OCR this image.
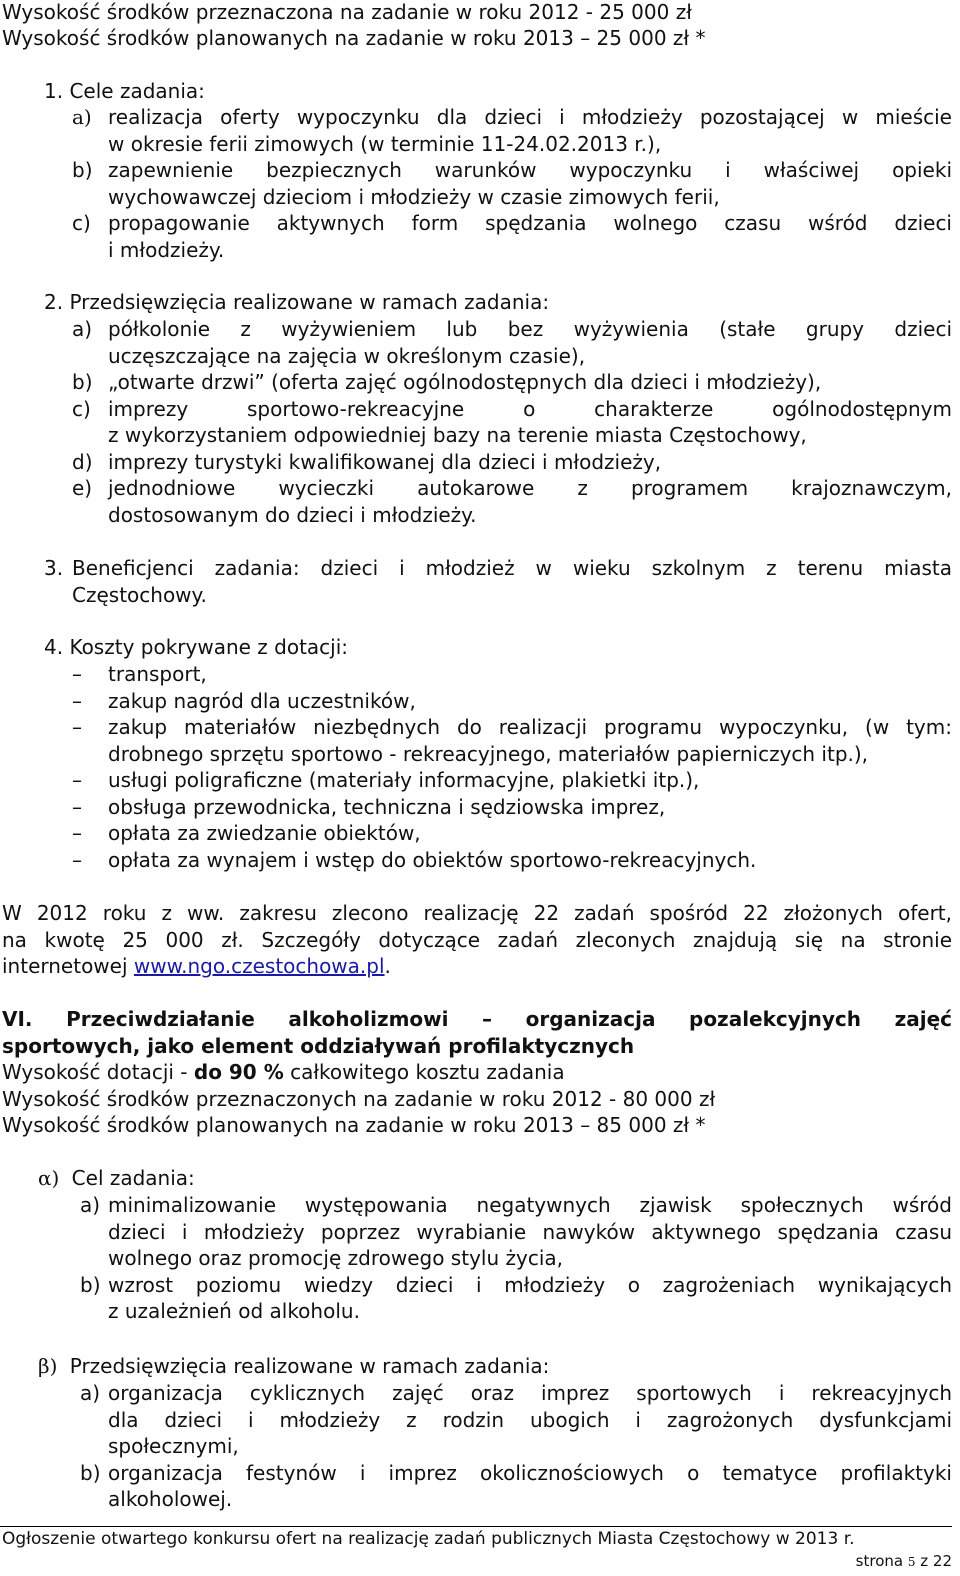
Wysokość środków przeznaczona na zadanie w roku 2012 - 25 000 zł
Wysokość środków planowanych na zadanie w roku 2013 – 25 000 zł *
1. Cele zadania:
a) realizacja oferty wypoczynku dla dzieci i młodzieży pozostającej w mieście
w okresie ferii zimowych (w terminie 11-24.02.2013 r.),
b) zapewnienie bezpiecznych warunków wypoczynku i właściwej opieki
wychowawczej dzieciom i młodzieży w czasie zimowych ferii,
c) propagowanie aktywnych form spędzania wolnego czasu wśród dzieci
i młodzieży.
2. Przedsięwzięcia realizowane w ramach zadania:
a) półkolonie z wyżywieniem lub bez wyżywienia (stałe grupy dzieci
uczęszczające na zajęcia w określonym czasie),
b) „otwarte drzwi” (oferta zajęć ogólnodostępnych dla dzieci i młodzieży),
c) imprezy sportowo-rekreacyjne o charakterze ogólnodostępnym
z wykorzystaniem odpowiedniej bazy na terenie miasta Częstochowy,
d) imprezy turystyki kwalifikowanej dla dzieci i młodzieży,
e) jednodniowe wycieczki autokarowe z programem krajoznawczym,
dostosowanym do dzieci i młodzieży.
3. Beneficjenci zadania: dzieci i młodzież w wieku szkolnym z terenu miasta
Częstochowy.
4. Koszty pokrywane z dotacji:
– transport,
– zakup nagród dla uczestników,
– zakup materiałów niezbędnych do realizacji programu wypoczynku, (w tym:
drobnego sprzętu sportowo - rekreacyjnego, materiałów papierniczych itp.),
– usługi poligraficzne (materiały informacyjne, plakietki itp.),
– obsługa przewodnicka, techniczna i sędziowska imprez,
– opłata za zwiedzanie obiektów,
– opłata za wynajem i wstęp do obiektów sportowo-rekreacyjnych.
W 2012 roku z ww. zakresu zlecono realizację 22 zadań spośród 22 złożonych ofert,
na kwotę 25 000 zł. Szczegóły dotyczące zadań zleconych znajdują się na stronie
internetowej www.ngo.czestochowa.pl.
VI. Przeciwdziałanie alkoholizmowi – organizacja pozalekcyjnych zajęć
sportowych, jako element oddziaływań profilaktycznych
Wysokość dotacji - do 90 % całkowitego kosztu zadania
Wysokość środków przeznaczonych na zadanie w roku 2012 - 80 000 zł
Wysokość środków planowanych na zadanie w roku 2013 – 85 000 zł *
α) Cel zadania:
a) minimalizowanie występowania negatywnych zjawisk społecznych wśród
dzieci i młodzieży poprzez wyrabianie nawyków aktywnego spędzania czasu
wolnego oraz promocję zdrowego stylu życia,
b) wzrost poziomu wiedzy dzieci i młodzieży o zagrożeniach wynikających
z uzależnień od alkoholu.
β) Przedsięwzięcia realizowane w ramach zadania:
a) organizacja cyklicznych zajęć oraz imprez sportowych i rekreacyjnych
dla dzieci i młodzieży z rodzin ubogich i zagrożonych dysfunkcjami
społecznymi,
b) organizacja festynów i imprez okolicznościowych o tematyce profilaktyki
alkoholowej.
Ogłoszenie otwartego konkursu ofert na realizację zadań publicznych Miasta Częstochowy w 2013 r.
strona 5 z 22
